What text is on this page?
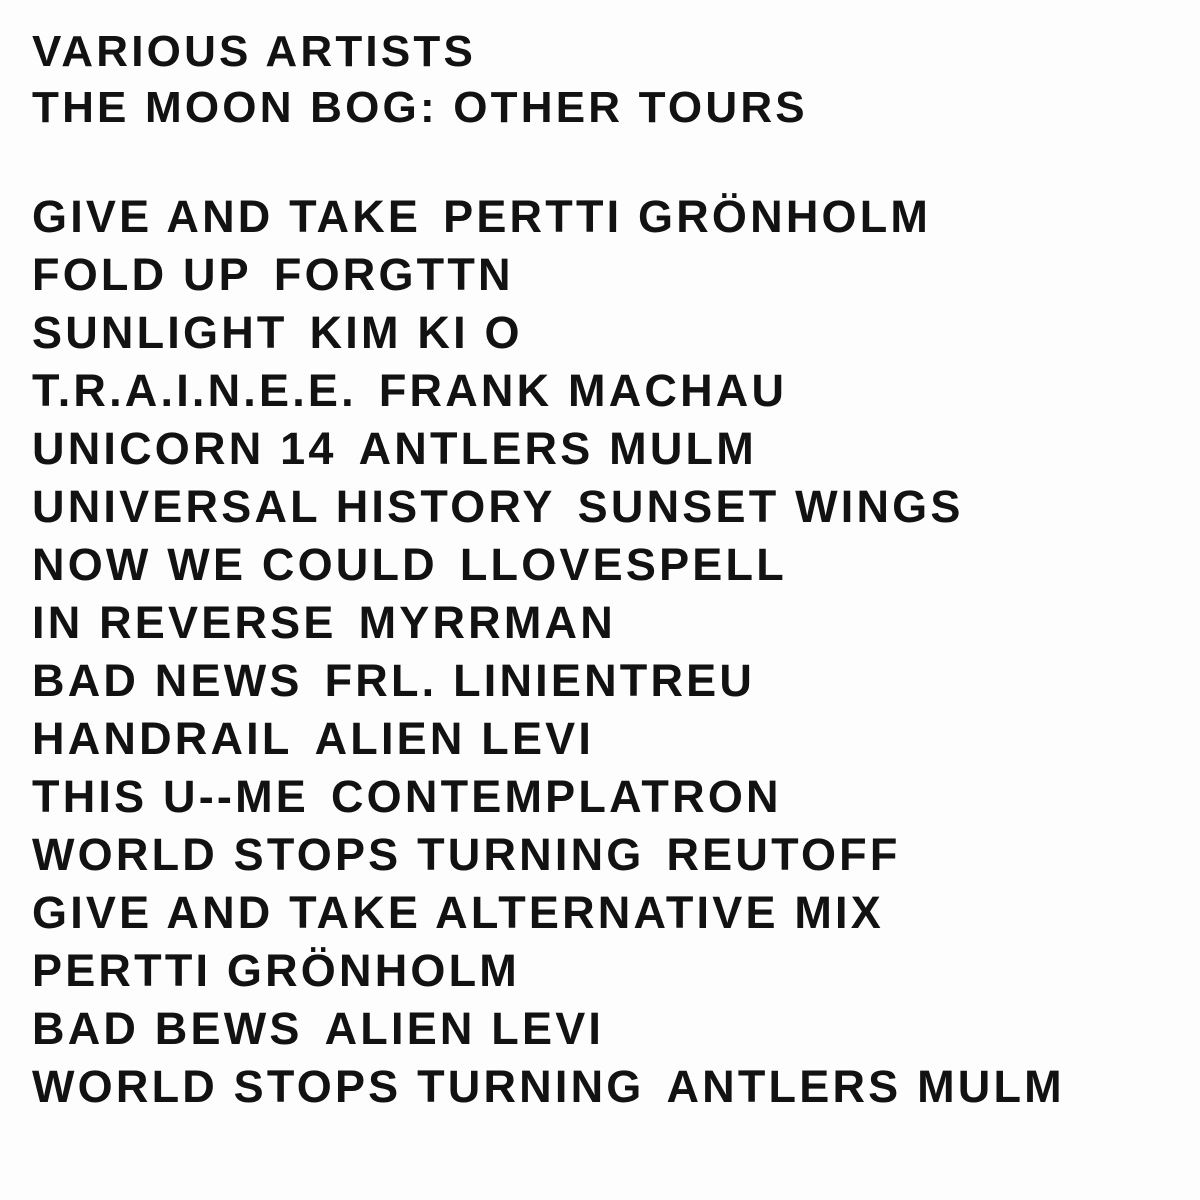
VARIOUS ARTISTS
THE MOON BOG: OTHER TOURS
GIVE AND TAKE PERTTI GRÖNHOLM
FOLD UP FORGTTN
SUNLIGHT KIM KI O
T.R.A.I.N.E.E. FRANK MACHAU
UNICORN 14 ANTLERS MULM
UNIVERSAL HISTORY SUNSET WINGS
NOW WE COULD LLOVESPELL
IN REVERSE MYRRMAN
BAD NEWS FRL. LINIENTREU
HANDRAIL ALIEN LEVI
THIS U--ME CONTEMPLATRON
WORLD STOPS TURNING REUTOFF
GIVE AND TAKE ALTERNATIVE MIX
PERTTI GRÖNHOLM
BAD BEWS ALIEN LEVI
WORLD STOPS TURNING ANTLERS MULM
